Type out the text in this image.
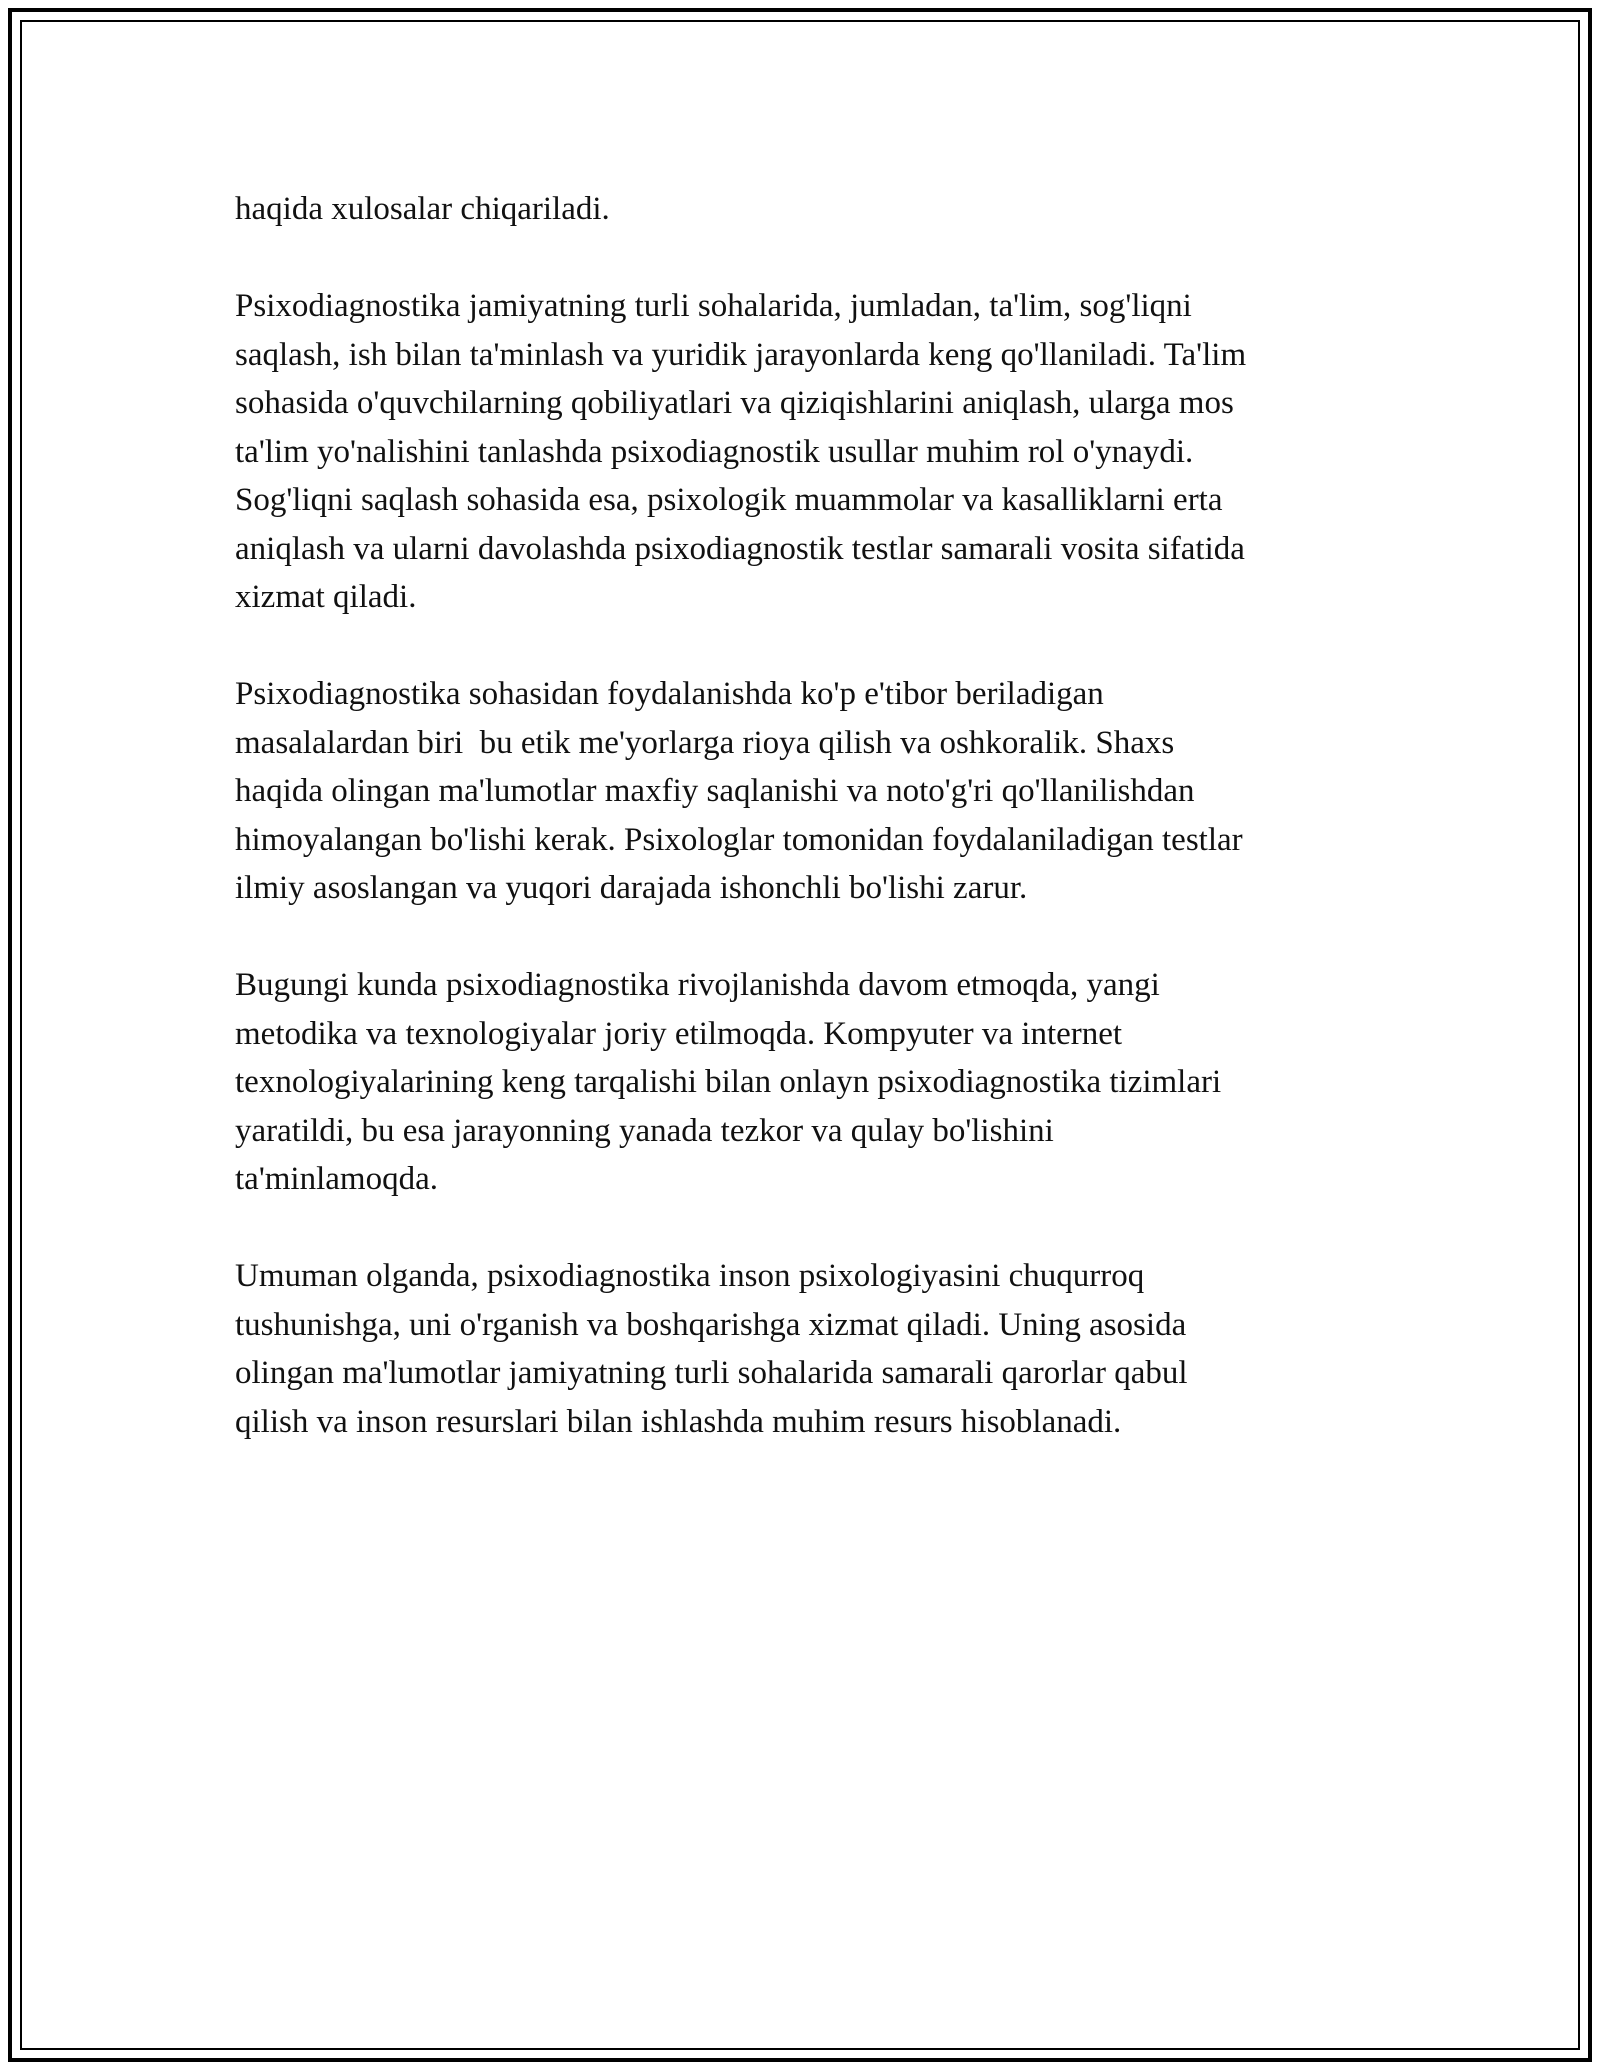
haqida xulosalar chiqariladi.

Psixodiagnostika jamiyatning turli sohalarida, jumladan, ta'lim, sog'liqni
saqlash, ish bilan ta'minlash va yuridik jarayonlarda keng qo'llaniladi. Ta'lim
sohasida o'quvchilarning qobiliyatlari va qiziqishlarini aniqlash, ularga mos
ta'lim yo'nalishini tanlashda psixodiagnostik usullar muhim rol o'ynaydi.
Sog'liqni saqlash sohasida esa, psixologik muammolar va kasalliklarni erta
aniqlash va ularni davolashda psixodiagnostik testlar samarali vosita sifatida
xizmat qiladi.

Psixodiagnostika sohasidan foydalanishda ko'p e'tibor beriladigan
masalalardan biri  bu etik me'yorlarga rioya qilish va oshkoralik. Shaxs
haqida olingan ma'lumotlar maxfiy saqlanishi va noto'g'ri qo'llanilishdan
himoyalangan bo'lishi kerak. Psixologlar tomonidan foydalaniladigan testlar
ilmiy asoslangan va yuqori darajada ishonchli bo'lishi zarur.

Bugungi kunda psixodiagnostika rivojlanishda davom etmoqda, yangi
metodika va texnologiyalar joriy etilmoqda. Kompyuter va internet
texnologiyalarining keng tarqalishi bilan onlayn psixodiagnostika tizimlari
yaratildi, bu esa jarayonning yanada tezkor va qulay bo'lishini
ta'minlamoqda.

Umuman olganda, psixodiagnostika inson psixologiyasini chuqurroq
tushunishga, uni o'rganish va boshqarishga xizmat qiladi. Uning asosida
olingan ma'lumotlar jamiyatning turli sohalarida samarali qarorlar qabul
qilish va inson resurslari bilan ishlashda muhim resurs hisoblanadi.
